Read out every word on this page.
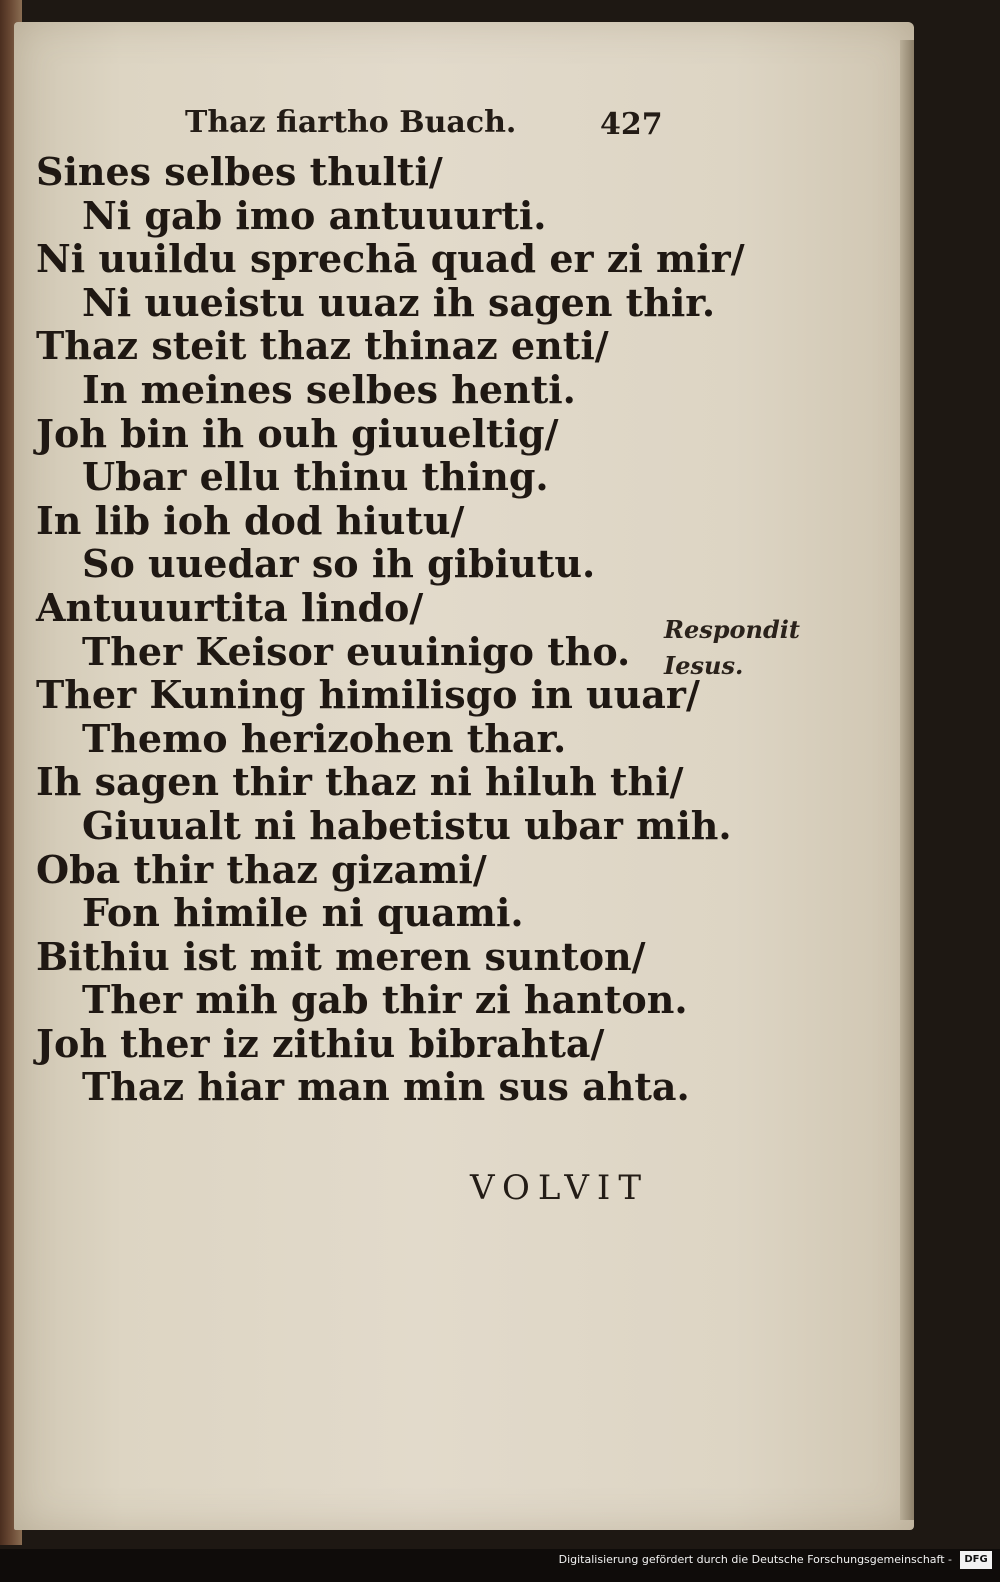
Thaz fiartho Buach.	427
Sines selbes thulti/
Ni gab imo antuuurti.
Ni uuildu sprechā quad er zi mir/
Ni uueistu uuaz ih sagen thir.
Thaz steit thaz thinaz enti/
In meines selbes henti.
Joh bin ih ouh giuueltig/
Ubar ellu thinu thing.
In lib ioh dod hiutu/
So uuedar so ih gibiutu.
Antuuurtita lindo/
Ther Keisor euuinigo tho.
Ther Kuning himilisgo in uuar/
Themo herizohen thar.
Ih sagen thir thaz ni hiluh thi/
Giuualt ni habetistu ubar mih.
Oba thir thaz gizami/
Fon himile ni quami.
Bithiu ist mit meren sunton/
Ther mih gab thir zi hanton.
Joh ther iz zithiu bibrahta/
Thaz hiar man min sus ahta.
Respondit
Iesus.
VOLVIT
Digitalisierung gefördert durch die Deutsche Forschungsgemeinschaft -	DFG
